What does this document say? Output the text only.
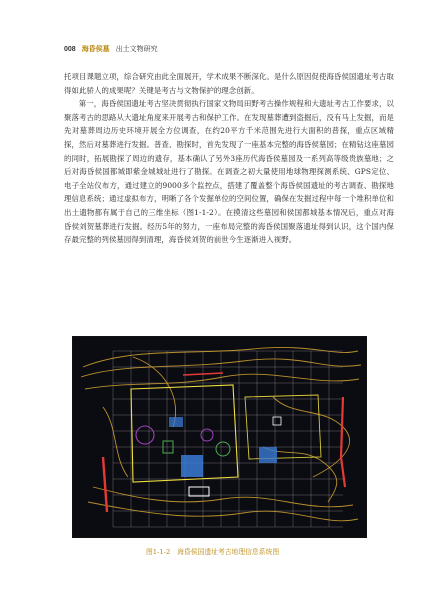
008 海昏侯墓 出土文物研究

托项目课题立项，综合研究由此全面展开，学术成果不断深化。是什么原因促使海昏侯国遗址考古取得如此骄人的成果呢？关键是考古与文物保护的理念创新。

第一，海昏侯国遗址考古坚决贯彻执行国家文物局田野考古操作规程和大遗址考古工作要求，以聚落考古的思路从大遗址角度来开展考古和保护工作。在发现墓葬遭到盗掘后，没有马上发掘，而是先对墓葬周边历史环境开展全方位调查，在约20平方千米范围先进行大面积的普探，重点区域精探，然后对墓葬进行发掘。普查、勘探时，首先发现了一座基本完整的海昏侯墓园；在精钻这座墓园的同时，拓展勘探了周边的遗存，基本确认了另外3座历代海昏侯墓园及一系列高等级贵族墓地；之后对海昏侯国都城即紫金城城址进行了勘探。在调查之初大量使用地球物理探测系统、GPS定位、电子全站仪布方，通过建立的9000多个监控点，搭建了覆盖整个海昏侯国遗址的考古调查、勘探地理信息系统；通过虚拟布方，明晰了各个发掘单位的空间位置，确保在发掘过程中每一个堆积单位和出土遗物都有属于自己的三维坐标（图1-1-2）。在摸清这些墓园和侯国都城基本情况后，重点对海昏侯刘贺墓葬进行发掘。经历5年的努力，一座布局完整的海昏侯国聚落遗址得到认识，这个国内保存最完整的列侯墓园得到清理，海昏侯刘贺的前世今生逐渐进入视野。

图1-1-2　海昏侯国遗址考古地理信息系统图
